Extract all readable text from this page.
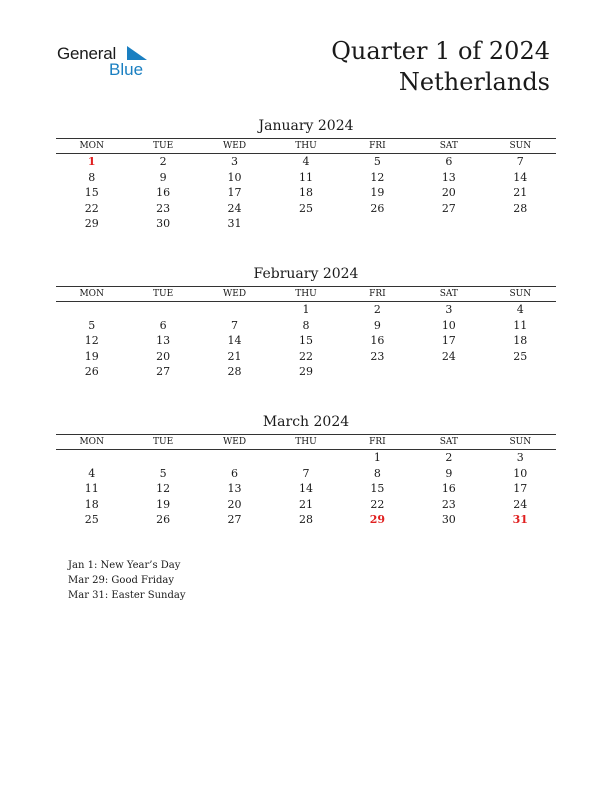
General
Blue
Quarter 1 of 2024
Netherlands
January 2024
MON	TUE	WED	THU	FRI	SAT	SUN
1	2	3	4	5	6	7
8	9	10	11	12	13	14
15	16	17	18	19	20	21
22	23	24	25	26	27	28
29	30	31				
February 2024
MON	TUE	WED	THU	FRI	SAT	SUN
			1	2	3	4
5	6	7	8	9	10	11
12	13	14	15	16	17	18
19	20	21	22	23	24	25
26	27	28	29			
March 2024
MON	TUE	WED	THU	FRI	SAT	SUN
				1	2	3
4	5	6	7	8	9	10
11	12	13	14	15	16	17
18	19	20	21	22	23	24
25	26	27	28	29	30	31
Jan 1: New Year’s Day
Mar 29: Good Friday
Mar 31: Easter Sunday
